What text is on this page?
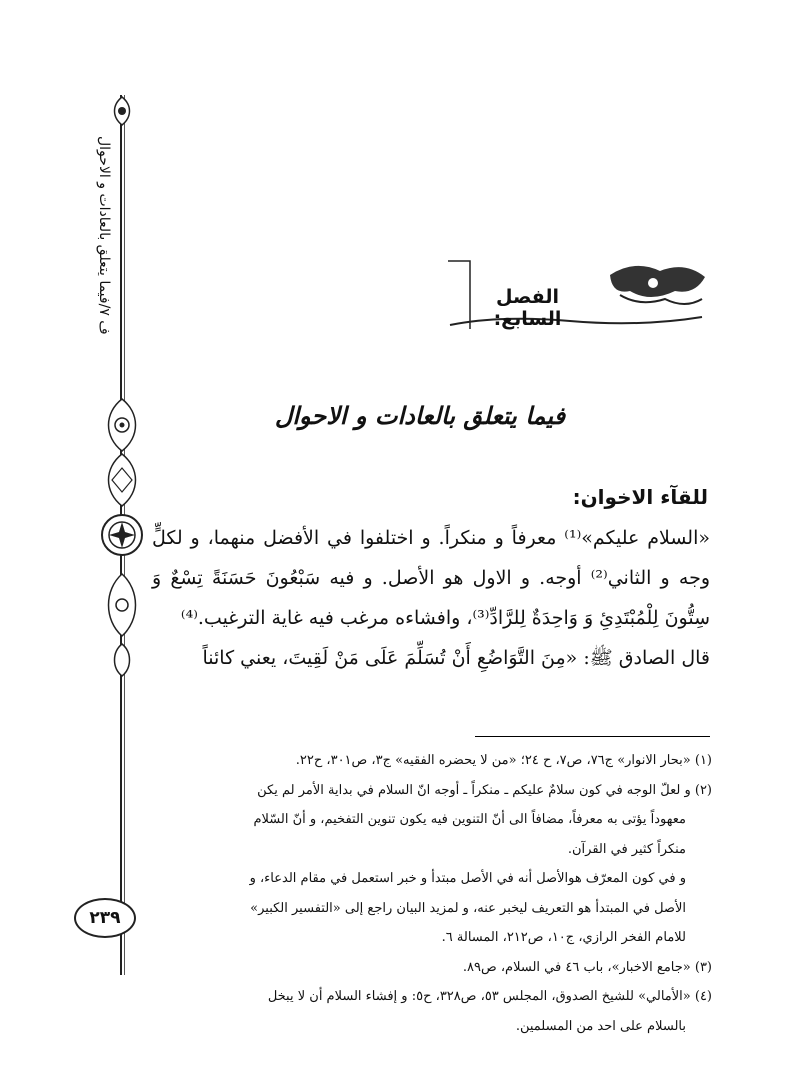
ف ٧/فيما يتعلق بالعادات و الاحوال
٢٣٩
الفصل السابع:
فيما يتعلق بالعادات و الاحوال
للقآء الاخوان:

«السلام عليكم»⁽¹⁾ معرفاً و منكراً. و اختلفوا في الأفضل منهما، و لكلٍّ وجه و الثاني⁽²⁾ أوجه. و الاول هو الأصل. و فيه سَبْعُونَ حَسَنَةً تِسْعٌ وَ سِتُّونَ لِلْمُبْتَدِئِ وَ وَاحِدَةٌ لِلرَّادِّ⁽³⁾، وافشاءه مرغب فيه غاية الترغيب.⁽⁴⁾

قال الصادق ﷺ: «مِنَ التَّوَاضُعِ أَنْ تُسَلِّمَ عَلَى مَنْ لَقِيتَ، يعني كائناً

(١) «بحار الانوار» ج٧٦، ص٧، ح ٢٤؛ «من لا يحضره الفقيه» ج٣، ص٣٠١، ح٢٢.

(٢) و لعلّ الوجه في كون سلامٌ عليكم ـ منكراً ـ أوجه انّ السلام في بداية الأمر لم يكن

معهوداً يؤتى به معرفاً، مضافاً الى أنّ التنوين فيه يكون تنوين التفخيم، و أنّ السّلام

منكراً كثير في القرآن.

و في كون المعرّف هوالأصل أنه في الأصل مبتدأ و خبر استعمل في مقام الدعاء، و

الأصل في المبتدأ هو التعريف ليخبر عنه، و لمزيد البيان راجع إلى «التفسير الكبير»

للامام الفخر الرازي، ج١٠، ص٢١٢، المسالة ٦.

(٣) «جامع الاخبار»، باب ٤٦ في السلام، ص٨٩.

(٤) «الأمالي» للشيخ الصدوق، المجلس ٥٣، ص٣٢٨، ح٥: و إفشاء السلام أن لا يبخل

بالسلام على احد من المسلمين.
